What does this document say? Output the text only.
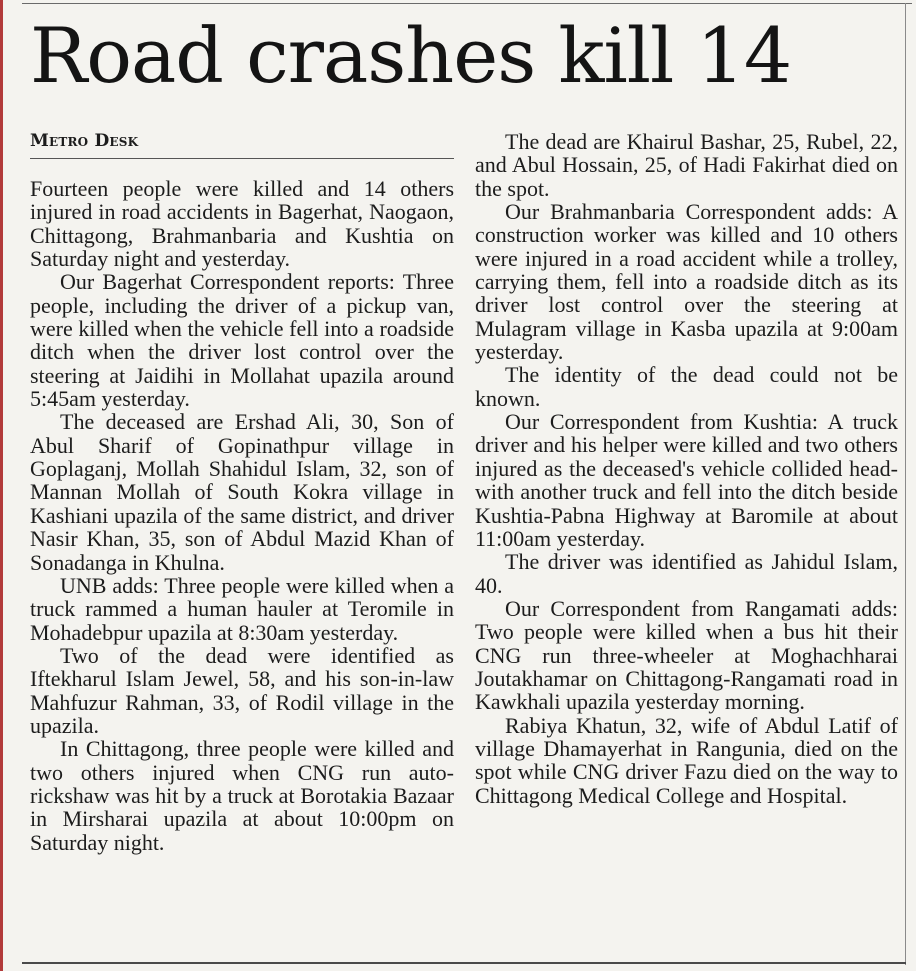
Road crashes kill 14
Metro Desk

Fourteen people were killed and 14 others injured in road accidents in Bagerhat, Naogaon, Chittagong, Brahmanbaria and Kushtia on Saturday night and yesterday.

Our Bagerhat Correspondent reports: Three people, including the driver of a pickup van, were killed when the vehicle fell into a roadside ditch when the driver lost control over the steering at Jaidihi in Mollahat upazila around 5:45am yesterday.

The deceased are Ershad Ali, 30, Son of Abul Sharif of Gopinathpur village in Goplaganj, Mollah Shahidul Islam, 32, son of Mannan Mollah of South Kokra village in Kashiani upazila of the same district, and driver Nasir Khan, 35, son of Abdul Mazid Khan of Sonadanga in Khulna.

UNB adds: Three people were killed when a truck rammed a human hauler at Teromile in Mohadebpur upazila at 8:30am yesterday.

Two of the dead were identified as Iftekharul Islam Jewel, 58, and his son-in-law Mahfuzur Rahman, 33, of Rodil village in the upazila.

In Chittagong, three people were killed and two others injured when CNG run auto-rickshaw was hit by a truck at Borotakia Bazaar in Mirsharai upazila at about 10:00pm on Saturday night.

The dead are Khairul Bashar, 25, Rubel, 22, and Abul Hossain, 25, of Hadi Fakirhat died on the spot.

Our Brahmanbaria Correspondent adds: A construction worker was killed and 10 others were injured in a road accident while a trolley, carrying them, fell into a roadside ditch as its driver lost control over the steering at Mulagram village in Kasba upazila at 9:00am yesterday.

The identity of the dead could not be known.

Our Correspondent from Kushtia: A truck driver and his helper were killed and two others injured as the deceased's vehicle collided head-with another truck and fell into the ditch beside Kushtia-Pabna Highway at Baromile at about 11:00am yesterday.

The driver was identified as Jahidul Islam, 40.

Our Correspondent from Rangamati adds: Two people were killed when a bus hit their CNG run three-wheeler at Moghachharai Joutakhamar on Chittagong-Rangamati road in Kawkhali upazila yesterday morning.

Rabiya Khatun, 32, wife of Abdul Latif of village Dhamayerhat in Rangunia, died on the spot while CNG driver Fazu died on the way to Chittagong Medical College and Hospital.
